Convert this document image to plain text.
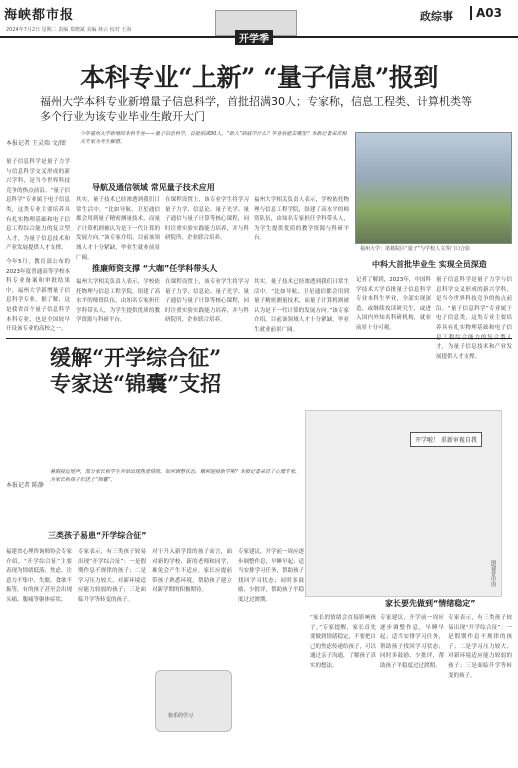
海峡都市报
2024年7月2日 星期二 责编 郑晓斌 美编 林云 校对 王海
开学季
政综事	A03
本科专业“上新” “量子信息”报到
福州大学本科专业新增量子信息科学，首批招满30人；专家称，信息工程类、计算机类等多个行业为该专业毕业生敞开大门
本报记者 王灵瑞 文/图
今年福州大学新增的本科专业——量子信息科学，首批招满30人。“新人”到底学什么？毕业后能去哪里？本报记者采访相关专家为考生解惑。
量子信息科学是量子力学与信息科学交叉形成的新兴学科，是当今世界科技竞争的热点前沿。“量子信息科学”专业属于电子信息类，这类专业主要培养具有扎实物理基础和电子信息工程综合能力的复合型人才，为量子信息技术和产业发展提供人才支撑。
导航及通信领域 常见量子技术应用
其实，量子技术已经渗透到我们日常生活中。“比如导航、卫星通信都会用到量子精密测量技术，而量子计算机则被认为是下一代计算的发展方向。”该专家介绍，目前该领域人才十分紧缺，毕业生就业前景广阔。
在课程设置上，该专业学生将学习量子力学、信息论、量子光学、量子通信与量子计算等核心课程，同时注重实验实践能力培养，并与科研院所、企业联合培养。
福州大学相关负责人表示，学校依托物理与信息工程学院，组建了高水平的师资队伍，由知名专家担任学科带头人，为学生提供优质的教学资源与科研平台。
福州大学：诸葛院区“量子”与学校人文等门口合影
中科大首批毕业生 实现全员深造
推廉师资支撑 “大咖”任学科带头人
今年5月，教育部公布的2023年度普通高等学校本科专业备案和审批结果中，福州大学新增量子信息科学专业。据了解，这是我省首个量子信息科学本科专业，也是全国较早开设该专业的高校之一。
福州大学相关负责人表示，学校依托物理与信息工程学院，组建了高水平的师资队伍，由知名专家担任学科带头人，为学生提供优质的教学资源与科研平台。
在课程设置上，该专业学生将学习量子力学、信息论、量子光学、量子通信与量子计算等核心课程，同时注重实验实践能力培养，并与科研院所、企业联合培养。
其实，量子技术已经渗透到我们日常生活中。“比如导航、卫星通信都会用到量子精密测量技术，而量子计算机则被认为是下一代计算的发展方向。”该专家介绍，目前该领域人才十分紧缺，毕业生就业前景广阔。
记者了解到，2023年，中国科学技术大学首批量子信息科学专业本科生毕业，全部实现深造，或继续攻读研究生，或进入国内外知名科研机构，就业前景十分可观。
量子信息科学是量子力学与信息科学交叉形成的新兴学科，是当今世界科技竞争的热点前沿。“量子信息科学”专业属于电子信息类，这类专业主要培养具有扎实物理基础和电子信 才，为量子信息技术和产业发展提供人才支撑。
缓解“开学综合征”
专家送“锦囊”支招
本报记者 陈静
暑假接近尾声，部分家长和学生开始出现焦虑情绪。如何调整状态，顺利迎接新学期？本报记者采访了心理专家，为家长和孩子们送上“锦囊”。
开学啦！ 重新审视自我
图/视觉中国
三类孩子易患“开学综合征”
福建省心理咨询师协会专家介绍，“开学综合征”主要表现为情绪低落、焦虑、注意力不集中、失眠、食欲不振等，有的孩子甚至会出现头痛、腹痛等躯体症状。
专家表示，有三类孩子较易出现“开学综合征”：一是假期作息不规律的孩子；二是学习压力较大、对新环境适应能力较弱的孩子；三是面临升学等转变的孩子。
对于升入新学段的孩子而言，面对新的学校、新的老师和同学，难免会产生不适应。家长应提前带孩子熟悉环境，帮助孩子建立对新学期的积极期待。
专家建议，开学前一周应逐步调整作息，早睡早起；适当安排学习任务，帮助孩子找回学习状态；同时多鼓励、少批评，帮助孩子平稳度过过渡期。
快乐的学习
家长要先做到“情绪稳定”
“家长的情绪会直接影响孩子。”专家提醒，家长首先要做到情绪稳定，不要把自己的焦虑传递给孩子，可以通过亲子沟通，了解孩子真实的想法。
专家建议，开学前一周应逐步调整作息，早睡早起；适当安排学习任务，帮助孩子找回学习状态；同时多鼓励、少批评，帮助孩子平稳度过过渡期。
专家表示，有三类孩子较易出现“开学综合征”：一是假期作息不规律的孩子；二是学习压力较大、对新环境适应能力较弱的孩子；三是面临升学等转变的孩子。
